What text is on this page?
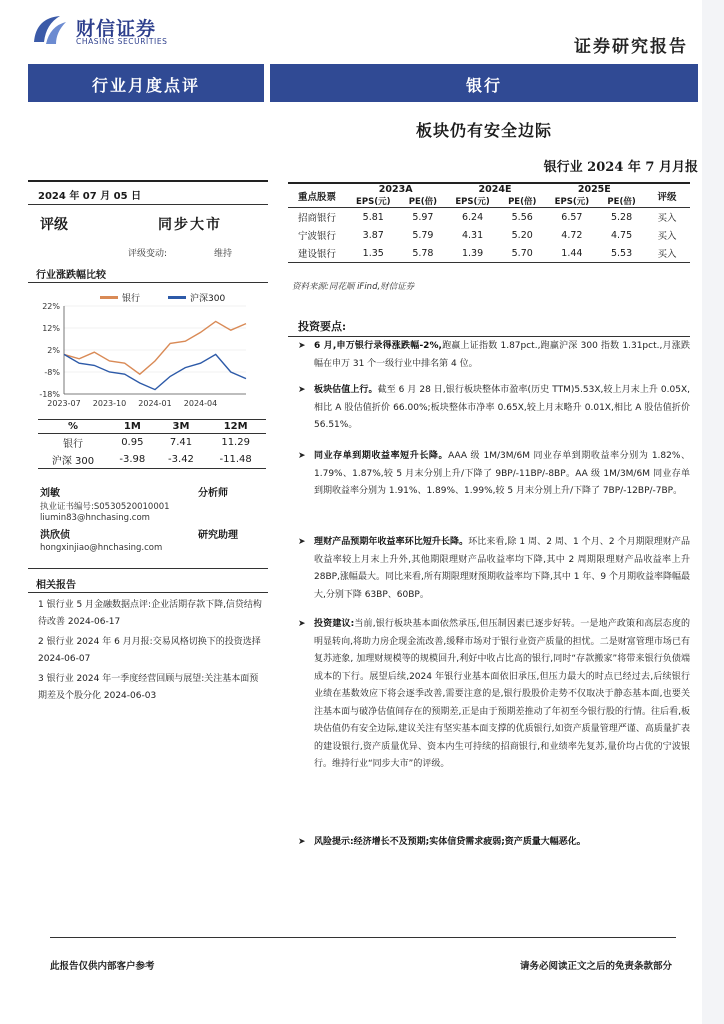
财信证券
CHASING SECURITIES	证券研究报告
行业月度点评	银行
板块仍有安全边际
银行业 2024 年 7 月月报
2024 年 07 月 05 日
评级	同步大市
评级变动:	维持
行业涨跌幅比较
银行	沪深300
22%
12%
2%
-8%
-18%
2023-07 2023-10 2024-01 2024-04
%	1M	3M	12M
银行	0.95	7.41	11.29
沪深 300	-3.98	-3.42	-11.48
刘敏	分析师
执业证书编号:S0530520010001
liumin83@hnchasing.com
洪欣侦	研究助理
hongxinjiao@hnchasing.com
相关报告
1 银行业 5 月金融数据点评:企业活期存款下降,信贷结构待改善 2024-06-17
2 银行业 2024 年 6 月月报:交易风格切换下的投资选择 2024-06-07
3 银行业 2024 年一季度经营回顾与展望:关注基本面预期差及个股分化 2024-06-03
重点股票	2023A		2024E		2025E		评级
	EPS(元)	PE(倍)	EPS(元)	PE(倍)	EPS(元)	PE(倍)	
招商银行	5.81	5.97	6.24	5.56	6.57	5.28	买入
宁波银行	3.87	5.79	4.31	5.20	4.72	4.75	买入
建设银行	1.35	5.78	1.39	5.70	1.44	5.53	买入
资料来源:同花顺 iFind,财信证券
投资要点:
➤ 6 月,申万银行录得涨跌幅-2%,跑赢上证指数 1.87pct.,跑赢沪深 300 指数 1.31pct.,月涨跌幅在申万 31 个一级行业中排名第 4 位。
➤ 板块估值上行。截至 6 月 28 日,银行板块整体市盈率(历史 TTM)5.53X,较上月末上升 0.05X,相比 A 股估值折价 66.00%;板块整体市净率 0.65X,较上月末略升 0.01X,相比 A 股估值折价 56.51%。
➤ 同业存单到期收益率短升长降。AAA 级 1M/3M/6M 同业存单到期收益率分别为 1.82%、1.79%、1.87%,较 5 月末分别上升/下降了 9BP/-11BP/-8BP。AA 级 1M/3M/6M 同业存单到期收益率分别为 1.91%、1.89%、1.99%,较 5 月末分别上升/下降了 7BP/-12BP/-7BP。
➤ 理财产品预期年收益率环比短升长降。环比来看,除 1 周、2 周、1 个月、2 个月期限理财产品收益率较上月末上升外,其他期限理财产品收益率均下降,其中 2 周期限理财产品收益率上升 28BP,涨幅最大。同比来看,所有期限理财预期收益率均下降,其中 1 年、9 个月期收益率降幅最大,分别下降 63BP、60BP。
➤ 投资建议:当前,银行板块基本面依然承压,但压制因素已逐步好转。一是地产政策和高层态度的明显转向,将助力房企现金流改善,缓释市场对于银行业资产质量的担忧。二是财富管理市场已有复苏迹象, 加理财规模等的规模回升,利好中收占比高的银行,同时“存款搬家”将带来银行负债端成本的下行。展望后续,2024 年银行业基本面依旧承压,但压力最大的时点已经过去,后续银行业绩在基数效应下将会逐季改善,需要注意的是,银行股股价走势不仅取决于静态基本面,也要关注基本面与破净估值间存在的预期差,正是由于预期差推动了年初至今银行股的行情。往后看,板块估值仍有安全边际,建议关注有坚实基本面支撑的优质银行,如资产质量管理严谨、高质量扩表的建设银行,资产质量优异、资本内生可持续的招商银行,和业绩率先复苏,量价均占优的宁波银行。维持行业“同步大市”的评级。
➤ 风险提示:经济增长不及预期;实体信贷需求疲弱;资产质量大幅恶化。
此报告仅供内部客户参考	请务必阅读正文之后的免责条款部分
